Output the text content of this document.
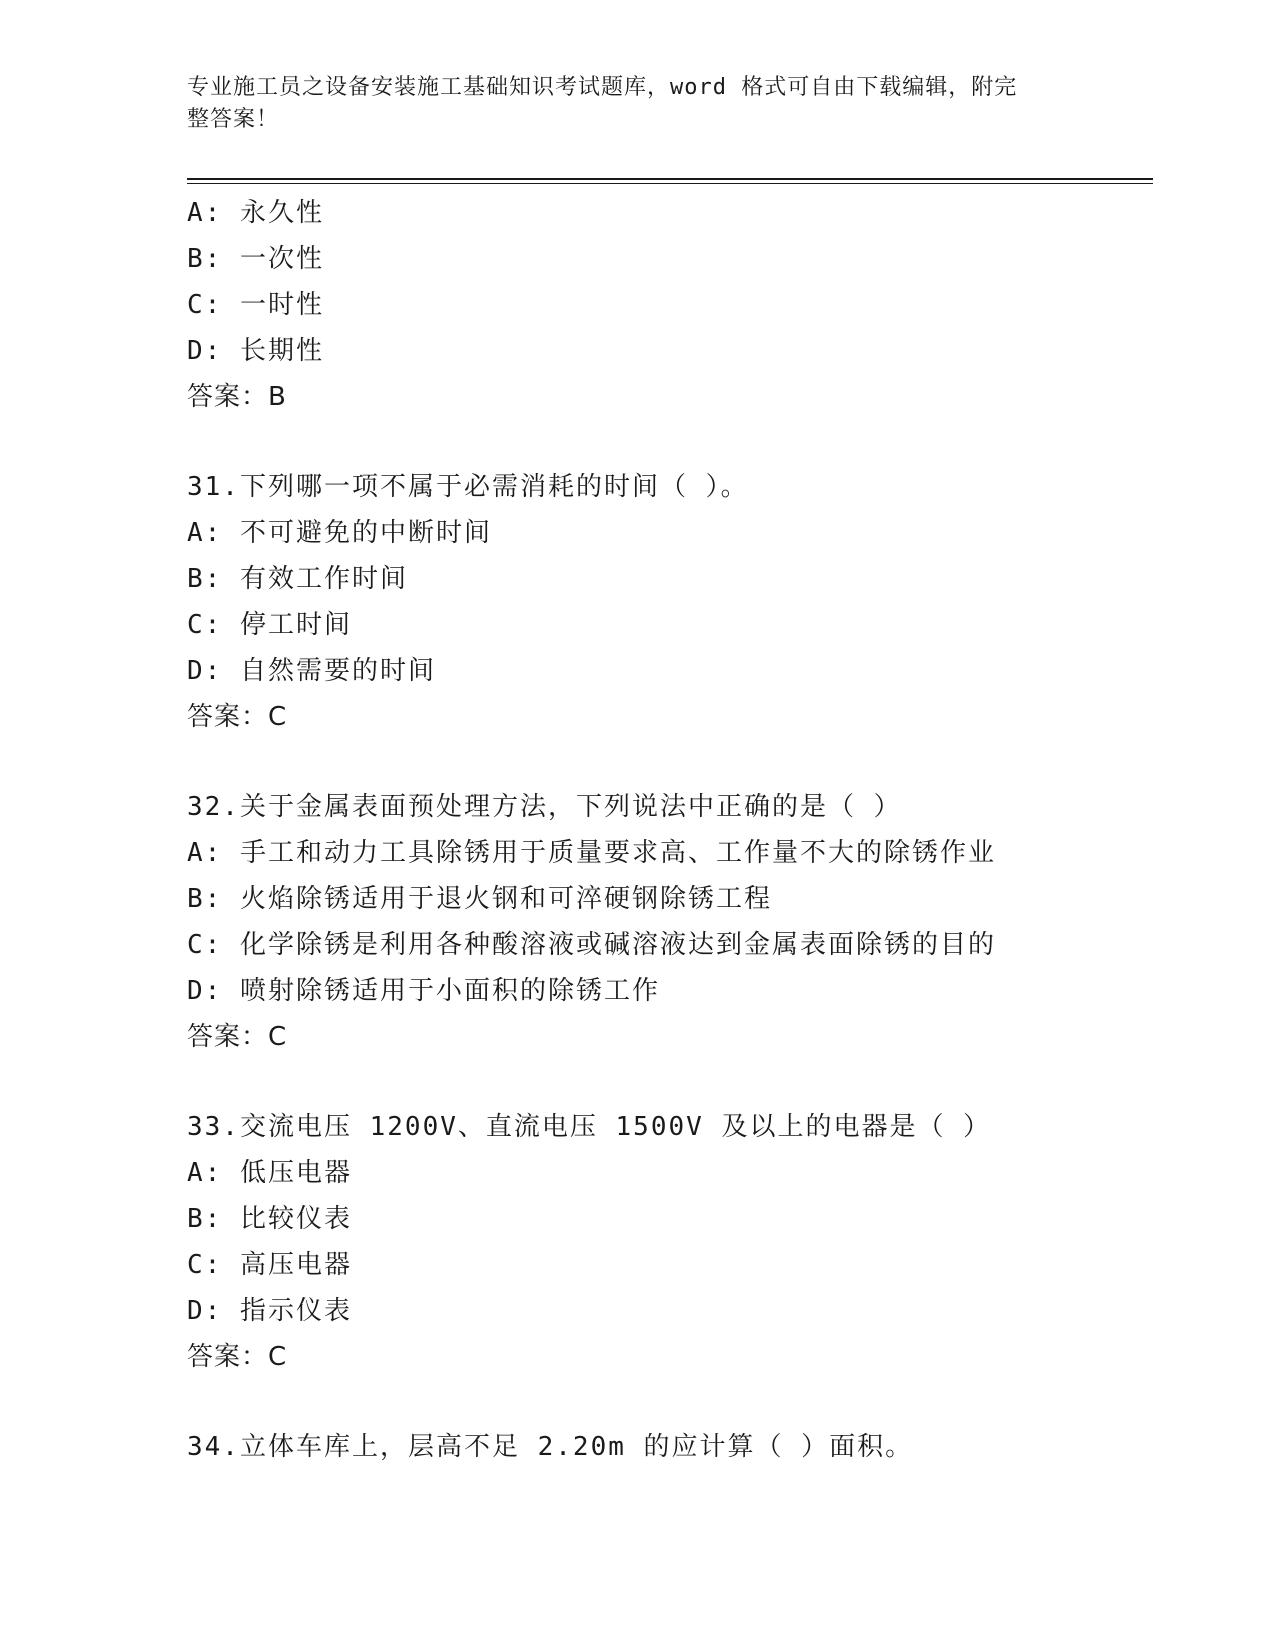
专业施工员之设备安装施工基础知识考试题库，word 格式可自由下载编辑，附完
整答案！
A: 永久性
B: 一次性
C: 一时性
D: 长期性
答案：B
31.下列哪一项不属于必需消耗的时间（ ）。
A: 不可避免的中断时间
B: 有效工作时间
C: 停工时间
D: 自然需要的时间
答案：C
32.关于金属表面预处理方法，下列说法中正确的是（ ）
A: 手工和动力工具除锈用于质量要求高、工作量不大的除锈作业
B: 火焰除锈适用于退火钢和可淬硬钢除锈工程
C: 化学除锈是利用各种酸溶液或碱溶液达到金属表面除锈的目的
D: 喷射除锈适用于小面积的除锈工作
答案：C
33.交流电压 1200V、直流电压 1500V 及以上的电器是（ ）
A: 低压电器
B: 比较仪表
C: 高压电器
D: 指示仪表
答案：C
34.立体车库上，层高不足 2.20m 的应计算（ ）面积。
